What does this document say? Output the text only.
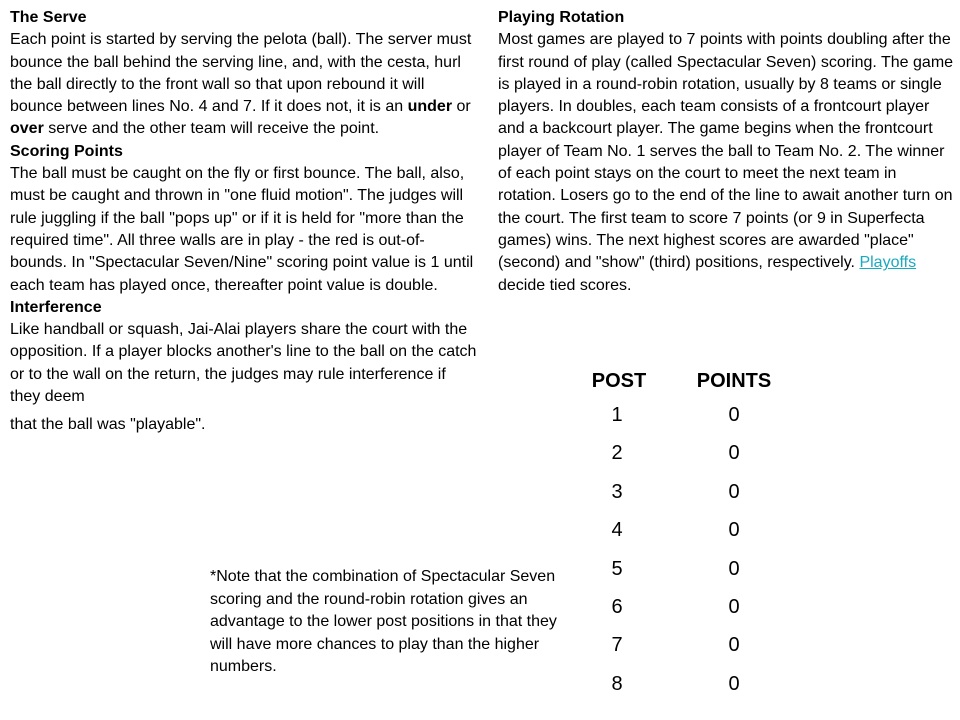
The Serve
Each point is started by serving the pelota (ball). The server must bounce the ball behind the serving line, and, with the cesta, hurl the ball directly to the front wall so that upon rebound it will bounce between lines No. 4 and 7. If it does not, it is an under or over serve and the other team will receive the point.
Scoring Points
The ball must be caught on the fly or first bounce. The ball, also, must be caught and thrown in "one fluid motion". The judges will rule juggling if the ball "pops up" or if it is held for "more than the required time". All three walls are in play - the red is out-of-bounds. In "Spectacular Seven/Nine" scoring point value is 1 until each team has played once, thereafter point value is double.
Interference
Like handball or squash, Jai-Alai players share the court with the opposition. If a player blocks another's line to the ball on the catch or to the wall on the return, the judges may rule interference if they deem
that the ball was "playable".
Playing Rotation
Most games are played to 7 points with points doubling after the first round of play (called Spectacular Seven) scoring. The game is played in a round-robin rotation, usually by 8 teams or single players. In doubles, each team consists of a frontcourt player and a backcourt player. The game begins when the frontcourt player of Team No. 1 serves the ball to Team No. 2. The winner of each point stays on the court to meet the next team in rotation. Losers go to the end of the line to await another turn on the court. The first team to score 7 points (or 9 in Superfecta games) wins. The next highest scores are awarded "place" (second) and "show" (third) positions, respectively. Playoffs decide tied scores.
POST	POINTS
1	0
2	0
3	0
4	0
5	0
6	0
7	0
8	0
*Note that the combination of Spectacular Seven scoring and the round-robin rotation gives an advantage to the lower post positions in that they will have more chances to play than the higher numbers.
